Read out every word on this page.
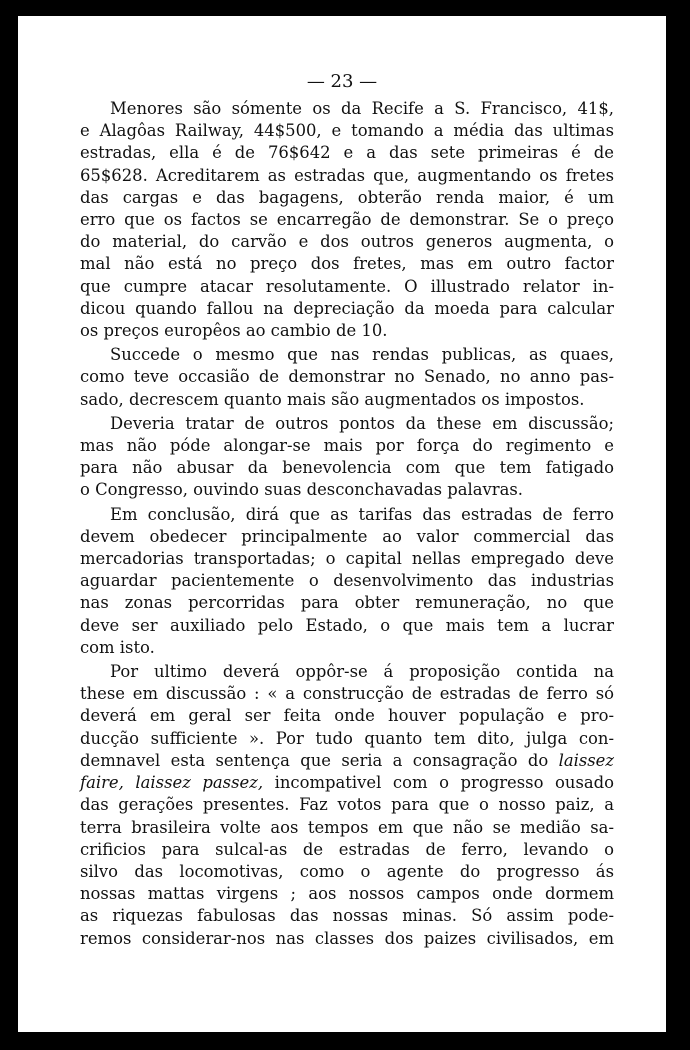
— 23 —

Menores são sómente os da Recife a S. Francisco, 41$,
e Alagôas Railway, 44$500, e tomando a média das ultimas
estradas, ella é de 76$642 e a das sete primeiras é de
65$628. Acreditarem as estradas que, augmentando os fretes
das cargas e das bagagens, obterão renda maior, é um
erro que os factos se encarregão de demonstrar. Se o preço
do material, do carvão e dos outros generos augmenta, o
mal não está no preço dos fretes, mas em outro factor
que cumpre atacar resolutamente. O illustrado relator in-
dicou quando fallou na depreciação da moeda para calcular
os preços europêos ao cambio de 10.

Succede o mesmo que nas rendas publicas, as quaes,
como teve occasião de demonstrar no Senado, no anno pas-
sado, decrescem quanto mais são augmentados os impostos.

Deveria tratar de outros pontos da these em discussão;
mas não póde alongar-se mais por força do regimento e
para não abusar da benevolencia com que tem fatigado
o Congresso, ouvindo suas desconchavadas palavras.

Em conclusão, dirá que as tarifas das estradas de ferro
devem obedecer principalmente ao valor commercial das
mercadorias transportadas; o capital nellas empregado deve
aguardar pacientemente o desenvolvimento das industrias
nas zonas percorridas para obter remuneração, no que
deve ser auxiliado pelo Estado, o que mais tem a lucrar
com isto.

Por ultimo deverá oppôr-se á proposição contida na
these em discussão : « a construcção de estradas de ferro só
deverá em geral ser feita onde houver população e pro-
ducção sufficiente ». Por tudo quanto tem dito, julga con-
demnavel esta sentença que seria a consagração do laissez
faire, laissez passez, incompativel com o progresso ousado
das gerações presentes. Faz votos para que o nosso paiz, a
terra brasileira volte aos tempos em que não se medião sa-
crificios para sulcal-as de estradas de ferro, levando o
silvo das locomotivas, como o agente do progresso ás
nossas mattas virgens ; aos nossos campos onde dormem
as riquezas fabulosas das nossas minas. Só assim pode-
remos considerar-nos nas classes dos paizes civilisados, em
